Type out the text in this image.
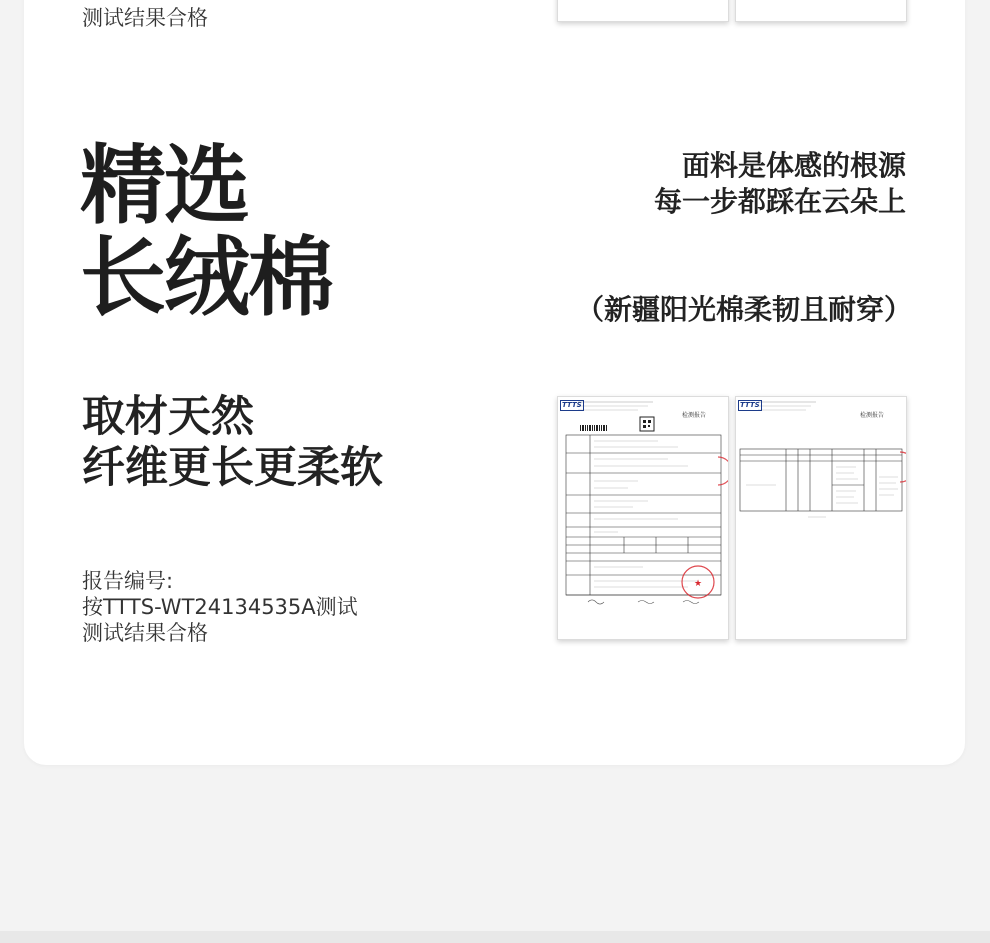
测试结果合格

精选
长绒棉

面料是体感的根源

每一步都踩在云朵上

（新疆阳光棉柔韧且耐穿）

取材天然
纤维更长更柔软
报告编号:
按TTTS-WT24134535A测试
测试结果合格
TTTS
检测报告
★
TTTS
检测报告
